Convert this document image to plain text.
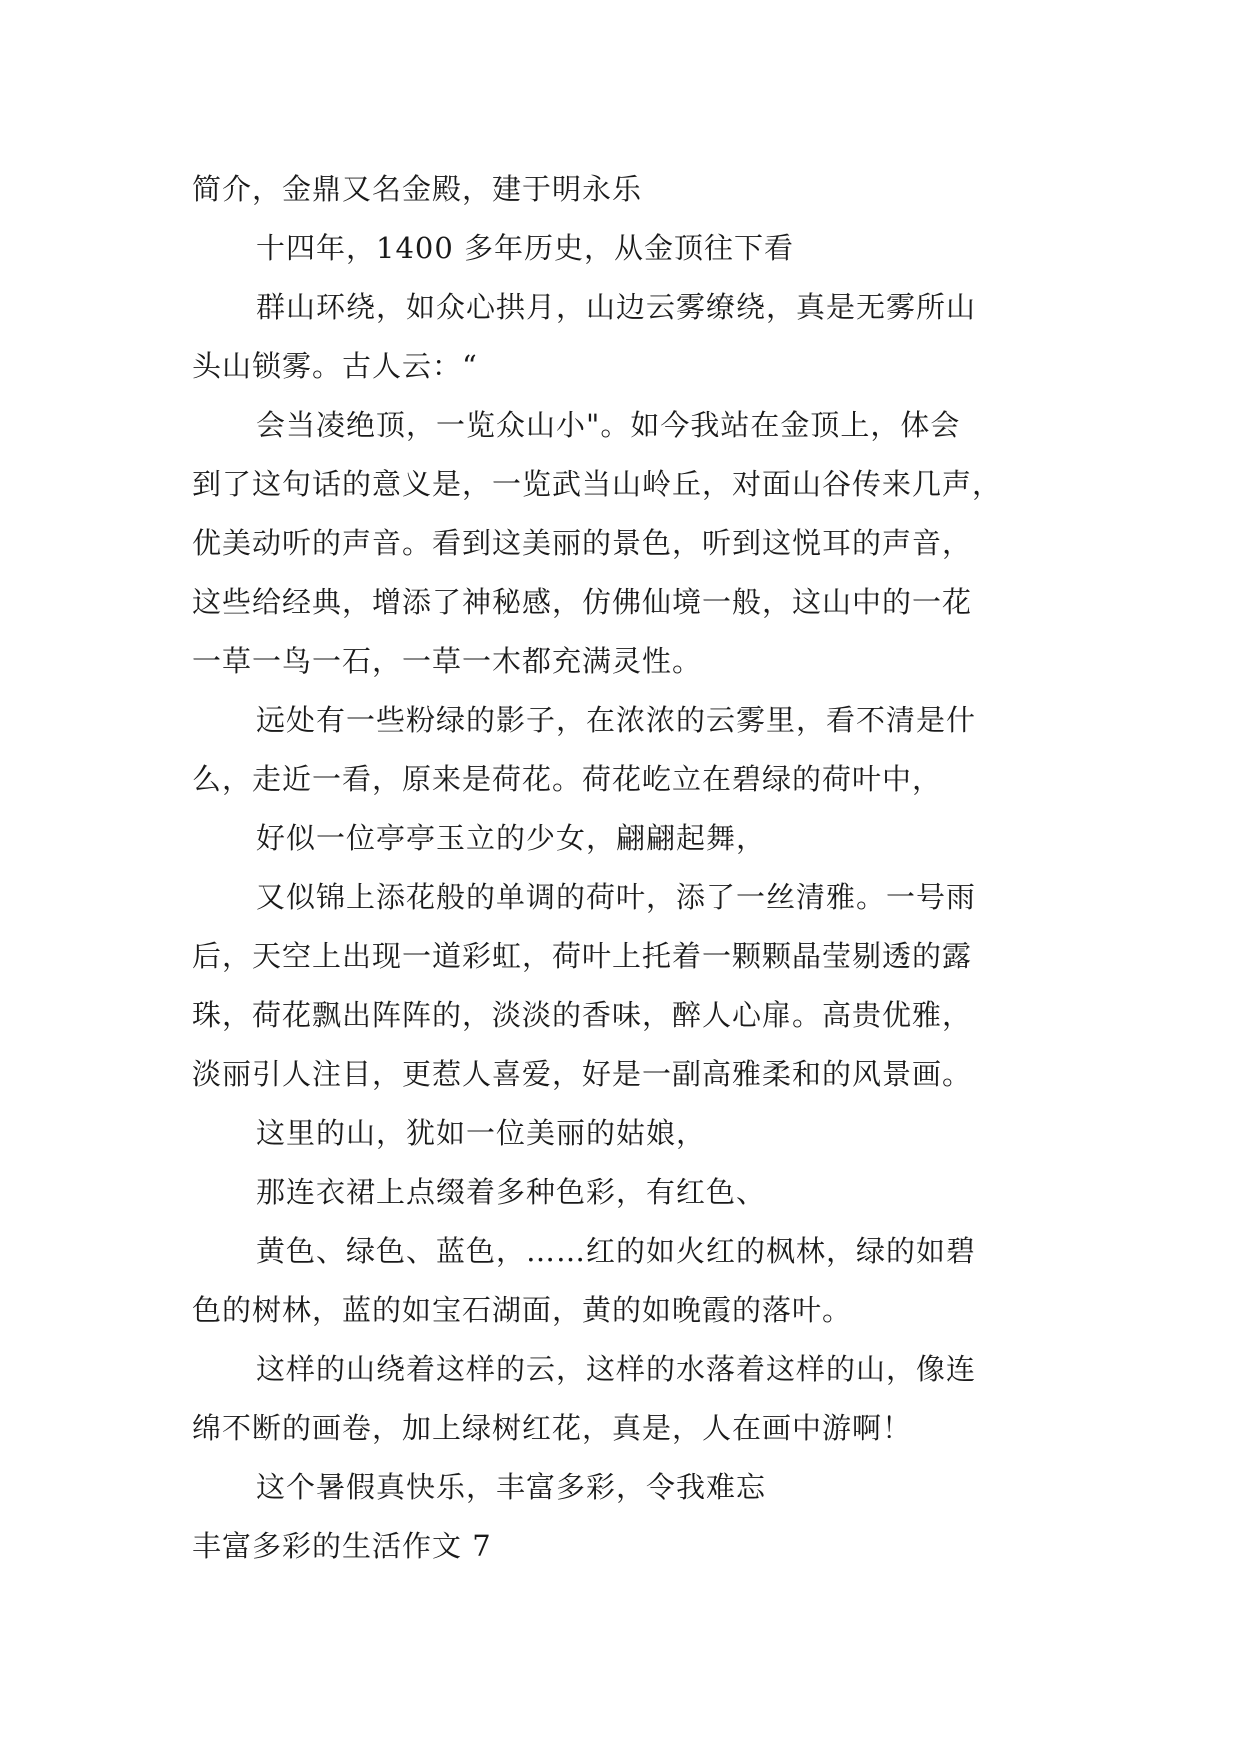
简介，金鼎又名金殿，建于明永乐
十四年，1400 多年历史，从金顶往下看
群山环绕，如众心拱月，山边云雾缭绕，真是无雾所山
头山锁雾。古人云：“
会当凌绝顶，一览众山小"。如今我站在金顶上，体会
到了这句话的意义是，一览武当山岭丘，对面山谷传来几声，
优美动听的声音。看到这美丽的景色，听到这悦耳的声音，
这些给经典，增添了神秘感，仿佛仙境一般，这山中的一花
一草一鸟一石，一草一木都充满灵性。
远处有一些粉绿的影子，在浓浓的云雾里，看不清是什
么，走近一看，原来是荷花。荷花屹立在碧绿的荷叶中，
好似一位亭亭玉立的少女，翩翩起舞，
又似锦上添花般的单调的荷叶，添了一丝清雅。一号雨
后，天空上出现一道彩虹，荷叶上托着一颗颗晶莹剔透的露
珠，荷花飘出阵阵的，淡淡的香味，醉人心扉。高贵优雅，
淡丽引人注目，更惹人喜爱，好是一副高雅柔和的风景画。
这里的山，犹如一位美丽的姑娘，
那连衣裙上点缀着多种色彩，有红色、
黄色、绿色、蓝色，……红的如火红的枫林，绿的如碧
色的树林，蓝的如宝石湖面，黄的如晚霞的落叶。
这样的山绕着这样的云，这样的水落着这样的山，像连
绵不断的画卷，加上绿树红花，真是，人在画中游啊！
这个暑假真快乐，丰富多彩，令我难忘
丰富多彩的生活作文 7
